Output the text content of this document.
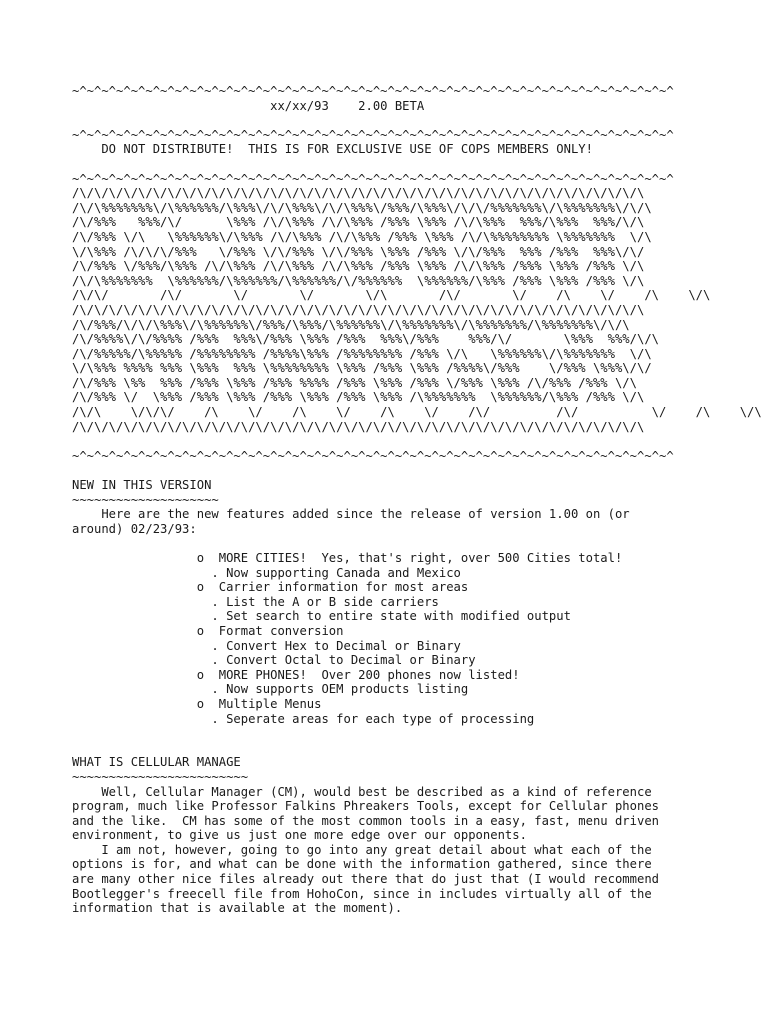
~^~^~^~^~^~^~^~^~^~^~^~^~^~^~^~^~^~^~^~^~^~^~^~^~^~^~^~^~^~^~^~^~^~^~^~^~^~^~^~^~^
xx/xx/93    2.00 BETA
~^~^~^~^~^~^~^~^~^~^~^~^~^~^~^~^~^~^~^~^~^~^~^~^~^~^~^~^~^~^~^~^~^~^~^~^~^~^~^~^~^
DO NOT DISTRIBUTE!  THIS IS FOR EXCLUSIVE USE OF COPS MEMBERS ONLY!
~^~^~^~^~^~^~^~^~^~^~^~^~^~^~^~^~^~^~^~^~^~^~^~^~^~^~^~^~^~^~^~^~^~^~^~^~^~^~^~^~^
/\/\/\/\/\/\/\/\/\/\/\/\/\/\/\/\/\/\/\/\/\/\/\/\/\/\/\/\/\/\/\/\/\/\/\/\/\/\/\
/\/\%%%%%%%\/\%%%%%%/\%%%\/\/\%%%\/\/\%%%\/%%%/\%%%\/\/\/%%%%%%%\/\%%%%%%%\/\/\
/\/%%%   %%%/\/      \%%% /\/\%%% /\/\%%% /%%% \%%% /\/\%%%  %%%/\%%%  %%%/\/\
/\/%%% \/\   \%%%%%%\/\%%% /\/\%%% /\/\%%% /%%% \%%% /\/\%%%%%%%% \%%%%%%%  \/\
\/\%%% /\/\/\/%%%   \/%%% \/\/%%% \/\/%%% \%%% /%%% \/\/%%%  %%% /%%%  %%%\/\/
/\/%%% \/%%%/\%%% /\/\%%% /\/\%%% /\/\%%% /%%% \%%% /\/\%%% /%%% \%%% /%%% \/\
/\/\%%%%%%%  \%%%%%%/\%%%%%%/\%%%%%%/\/%%%%%%  \%%%%%%/\%%% /%%% \%%% /%%% \/\
/\/\/       /\/       \/       \/       \/\       /\/       \/    /\    \/    /\    \/\
/\/\/\/\/\/\/\/\/\/\/\/\/\/\/\/\/\/\/\/\/\/\/\/\/\/\/\/\/\/\/\/\/\/\/\/\/\/\/\
/\/%%%/\/\/\%%%\/\%%%%%%\/%%%/\%%%/\%%%%%%\/\%%%%%%%\/\%%%%%%%/\%%%%%%%\/\/\
/\/%%%%\/\/%%%% /%%%  %%%\/%%% \%%% /%%%  %%%\/%%%    %%%/\/       \%%%  %%%/\/\
/\/%%%%%/\%%%%% /%%%%%%%% /%%%%\%%% /%%%%%%%% /%%% \/\   \%%%%%%\/\%%%%%%%  \/\
\/\%%% %%%% %%% \%%%  %%% \%%%%%%%% \%%% /%%% \%%% /%%%%\/%%%    \/%%% \%%%\/\/
/\/%%% \%%  %%% /%%% \%%% /%%% %%%% /%%% \%%% /%%% \/%%% \%%% /\/%%% /%%% \/\
/\/%%% \/  \%%% /%%% \%%% /%%% \%%% /%%% \%%% /\%%%%%%%  \%%%%%%/\%%% /%%% \/\
/\/\    \/\/\/    /\    \/    /\    \/    /\    \/    /\/         /\/          \/    /\    \/\
/\/\/\/\/\/\/\/\/\/\/\/\/\/\/\/\/\/\/\/\/\/\/\/\/\/\/\/\/\/\/\/\/\/\/\/\/\/\/\
~^~^~^~^~^~^~^~^~^~^~^~^~^~^~^~^~^~^~^~^~^~^~^~^~^~^~^~^~^~^~^~^~^~^~^~^~^~^~^~^~^
NEW IN THIS VERSION
~~~~~~~~~~~~~~~~~~~~
Here are the new features added since the release of version 1.00 on (or
around) 02/23/93:
o  MORE CITIES!  Yes, that's right, over 500 Cities total!
. Now supporting Canada and Mexico
o  Carrier information for most areas
. List the A or B side carriers
. Set search to entire state with modified output
o  Format conversion
. Convert Hex to Decimal or Binary
. Convert Octal to Decimal or Binary
o  MORE PHONES!  Over 200 phones now listed!
. Now supports OEM products listing
o  Multiple Menus
. Seperate areas for each type of processing
WHAT IS CELLULAR MANAGE
~~~~~~~~~~~~~~~~~~~~~~~~
Well, Cellular Manager (CM), would best be described as a kind of reference
program, much like Professor Falkins Phreakers Tools, except for Cellular phones
and the like.  CM has some of the most common tools in a easy, fast, menu driven
environment, to give us just one more edge over our opponents.
I am not, however, going to go into any great detail about what each of the
options is for, and what can be done with the information gathered, since there
are many other nice files already out there that do just that (I would recommend
Bootlegger's freecell file from HohoCon, since in includes virtually all of the
information that is available at the moment).
